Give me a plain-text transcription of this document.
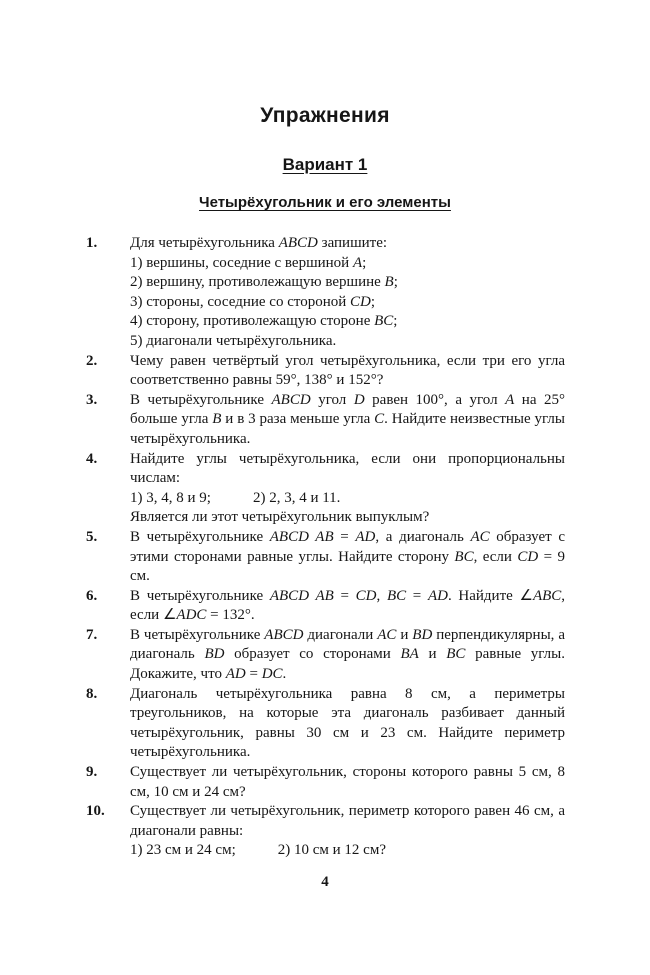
Упражнения
Вариант 1
Четырёхугольник и его элементы
1.	Для четырёхугольника ABCD запишите:
1) вершины, соседние с вершиной A;
2) вершину, противолежащую вершине B;
3) стороны, соседние со стороной CD;
4) сторону, противолежащую стороне BC;
5) диагонали четырёхугольника.
2.	Чему равен четвёртый угол четырёхугольника, если три его угла соответственно равны 59°, 138° и 152°?
3.	В четырёхугольнике ABCD угол D равен 100°, а угол A на 25° больше угла B и в 3 раза меньше угла C. Найдите неизвестные углы четырёхугольника.
4.	Найдите углы четырёхугольника, если они пропорциональны числам:
1) 3, 4, 8 и 9;	2) 2, 3, 4 и 11.
Является ли этот четырёхугольник выпуклым?
5.	В четырёхугольнике ABCD AB = AD, а диагональ AC образует с этими сторонами равные углы. Найдите сторону BC, если CD = 9 см.
6.	В четырёхугольнике ABCD AB = CD, BC = AD. Найдите ∠ABC, если ∠ADC = 132°.
7.	В четырёхугольнике ABCD диагонали AC и BD перпендикулярны, а диагональ BD образует со сторонами BA и BC равные углы. Докажите, что AD = DC.
8.	Диагональ четырёхугольника равна 8 см, а периметры треугольников, на которые эта диагональ разбивает данный четырёхугольник, равны 30 см и 23 см. Найдите периметр четырёхугольника.
9.	Существует ли четырёхугольник, стороны которого равны 5 см, 8 см, 10 см и 24 см?
10.	Существует ли четырёхугольник, периметр которого равен 46 см, а диагонали равны:
1) 23 см и 24 см;	2) 10 см и 12 см?
4
